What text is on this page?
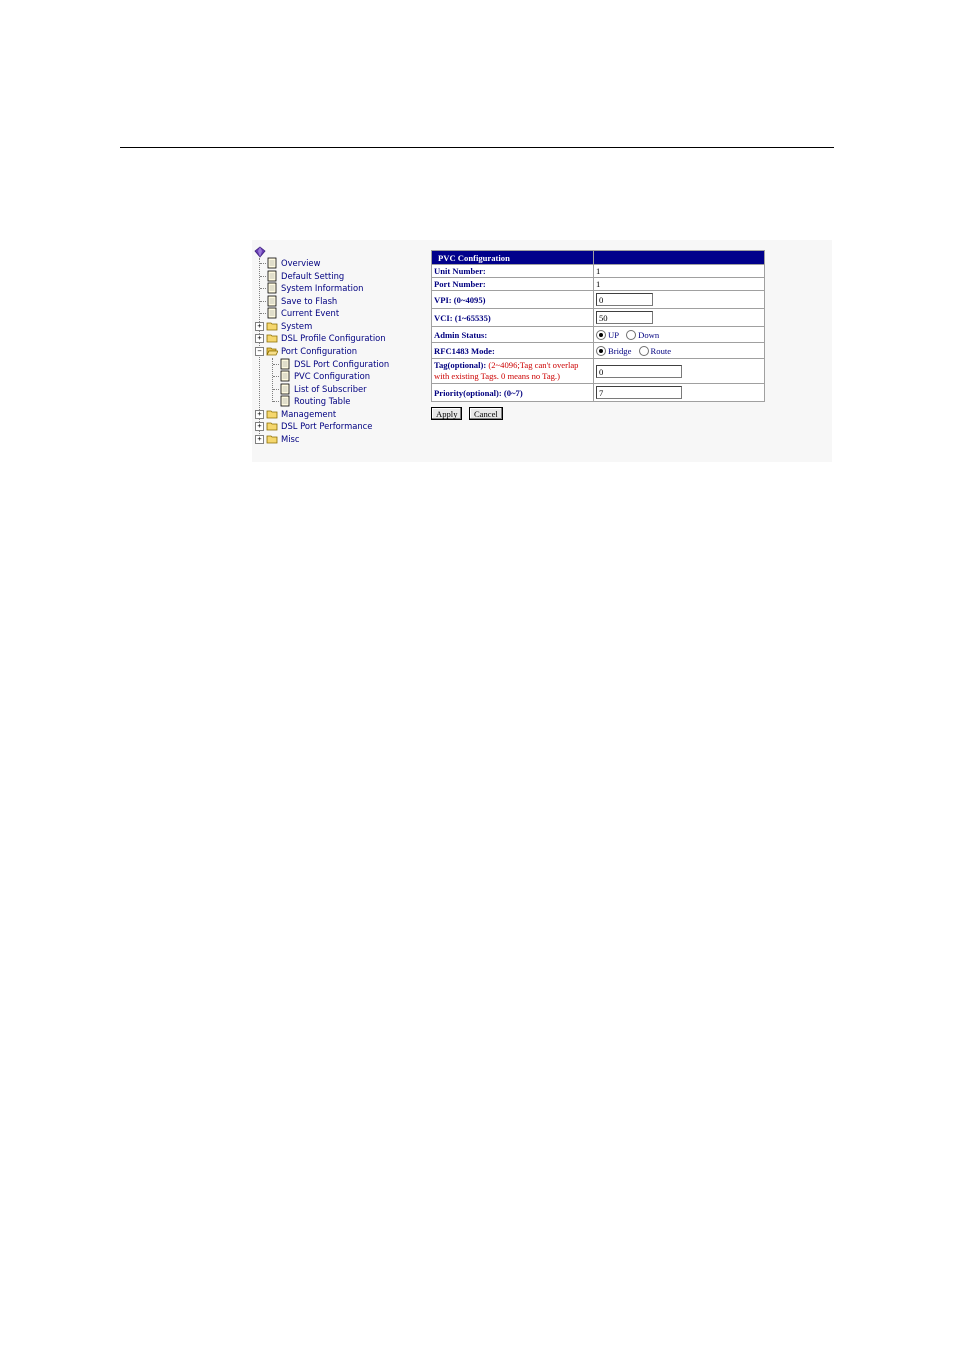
+
+
−
+
+
+
Overview
Default Setting
System Information
Save to Flash
Current Event
System
DSL Profile Configuration
Port Configuration
DSL Port Configuration
PVC Configuration
List of Subscriber
Routing Table
Management
DSL Port Performance
Misc
PVC Configuration	
Unit Number:	1
Port Number:	1
VPI: (0~4095)	0
VCI: (1~65535)	50
Admin Status:	UP Down
RFC1483 Mode:	Bridge Route
Tag(optional): (2~4096;Tag can't overlap
with existing Tags. 0 means no Tag.)	0
Priority(optional): (0~7)	7
Apply Cancel
